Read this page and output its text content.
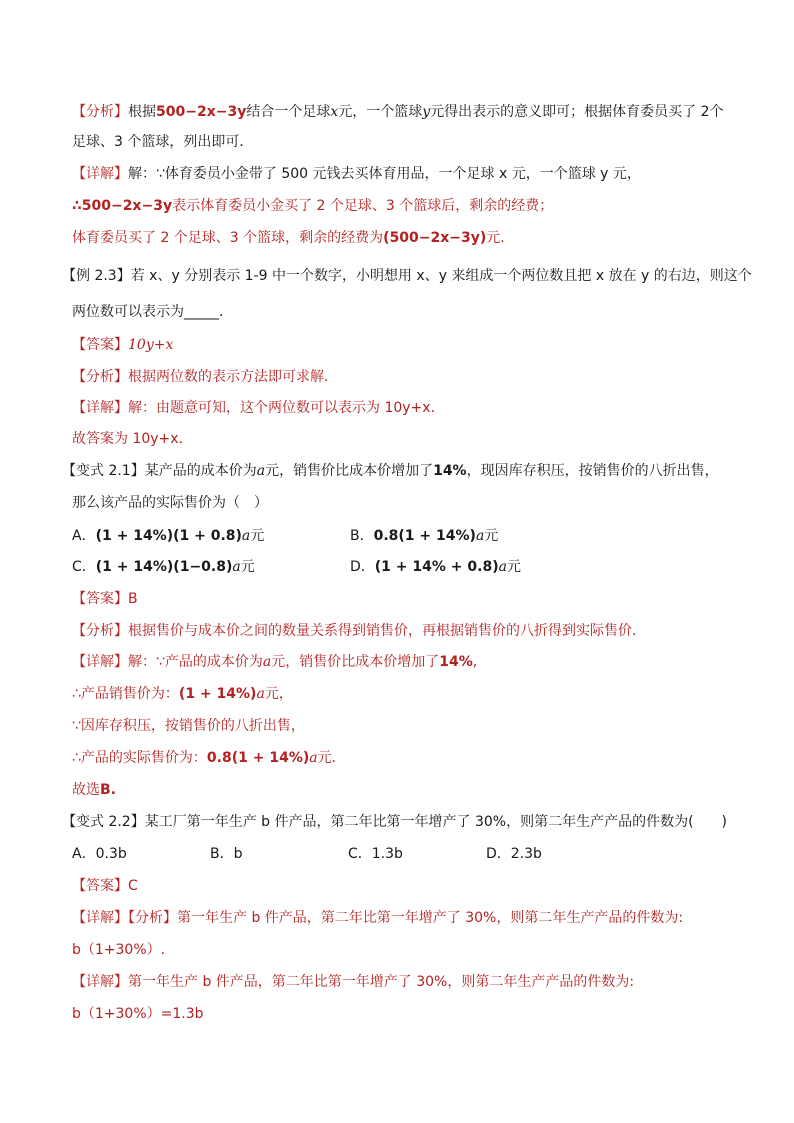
【分析】根据500−2x−3y结合一个足球x元，一个篮球y元得出表示的意义即可；根据体育委员买了 2个
足球、3 个篮球，列出即可．
【详解】解：∵体育委员小金带了 500 元钱去买体育用品，一个足球 x 元，一个篮球 y 元，
∴500−2x−3y表示体育委员小金买了 2 个足球、3 个篮球后，剩余的经费；
体育委员买了 2 个足球、3 个篮球，剩余的经费为(500−2x−3y)元．
【例 2.3】若 x、y 分别表示 1-9 中一个数字，小明想用 x、y 来组成一个两位数且把 x 放在 y 的右边，则这个
两位数可以表示为_____．
【答案】10y+x
【分析】根据两位数的表示方法即可求解．
【详解】解：由题意可知，这个两位数可以表示为 10y+x．
故答案为 10y+x．
【变式 2.1】某产品的成本价为a元，销售价比成本价增加了14%，现因库存积压，按销售价的八折出售，
那么该产品的实际售价为（　）
A．(1 + 14%)(1 + 0.8)a元	B．0.8(1 + 14%)a元
C．(1 + 14%)(1−0.8)a元	D．(1 + 14% + 0.8)a元
【答案】B
【分析】根据售价与成本价之间的数量关系得到销售价，再根据销售价的八折得到实际售价．
【详解】解：∵产品的成本价为a元，销售价比成本价增加了14%,
∴产品销售价为：(1 + 14%)a元，
∵因库存积压，按销售价的八折出售，
∴产品的实际售价为：0.8(1 + 14%)a元．
故选B.
【变式 2.2】某工厂第一年生产 b 件产品，第二年比第一年增产了 30%，则第二年生产产品的件数为(　　)
A．0.3b	B．b	C．1.3b	D．2.3b
【答案】C
【详解】【分析】第一年生产 b 件产品，第二年比第一年增产了 30%，则第二年生产产品的件数为:
b（1+30%）.
【详解】第一年生产 b 件产品，第二年比第一年增产了 30%，则第二年生产产品的件数为:
b（1+30%）=1.3b
